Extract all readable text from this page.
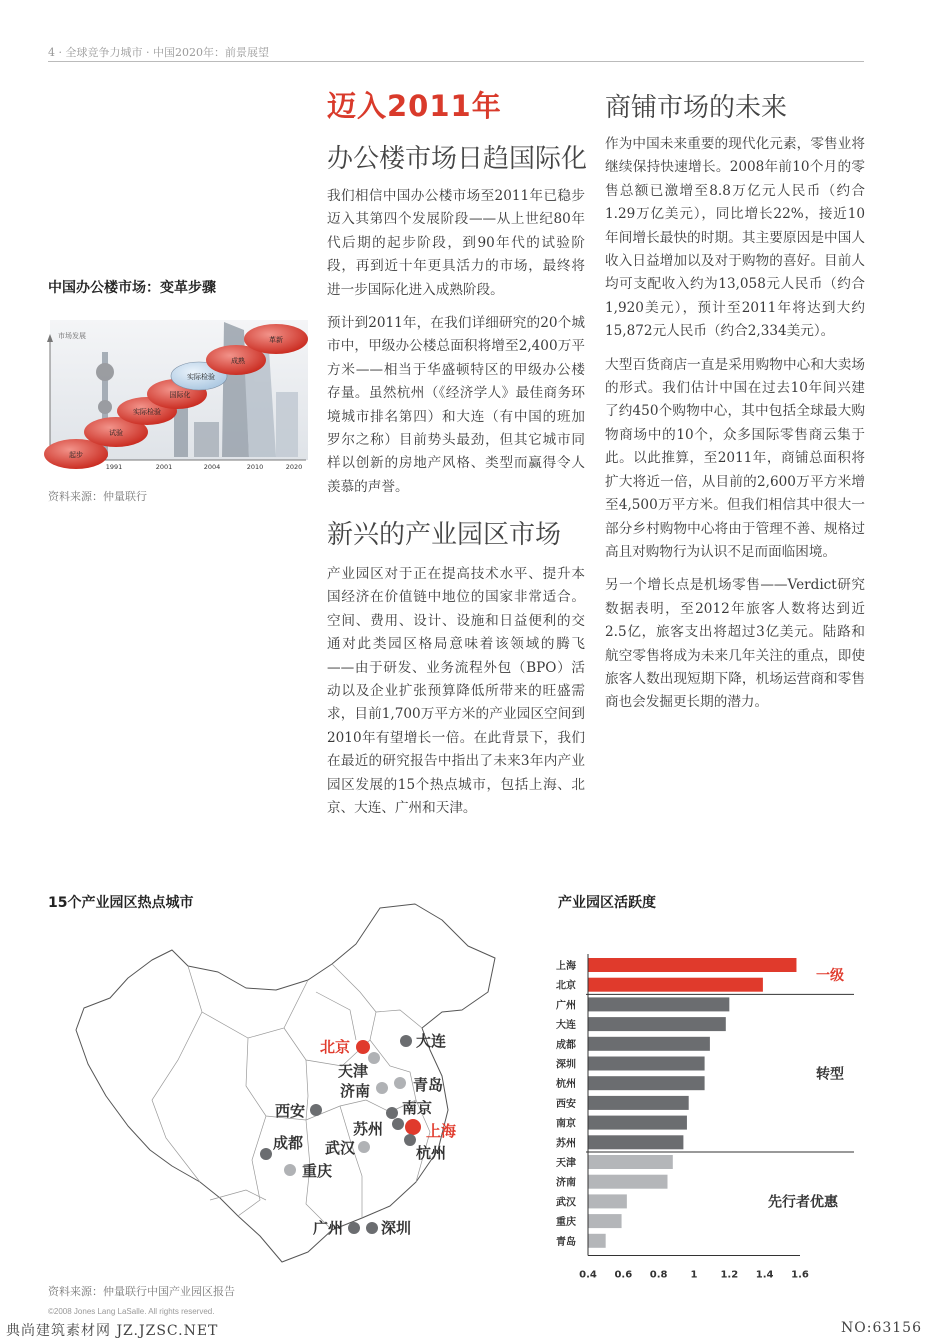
4 · 全球竞争力城市 · 中国2020年：前景展望
迈入2011年
办公楼市场日趋国际化

我们相信中国办公楼市场至2011年已稳步迈入其第四个发展阶段——从上世纪80年代后期的起步阶段，到90年代的试验阶段，再到近十年更具活力的市场，最终将进一步国际化进入成熟阶段。

预计到2011年，在我们详细研究的20个城市中，甲级办公楼总面积将增至2,400万平方米——相当于华盛顿特区的甲级办公楼存量。虽然杭州（《经济学人》最佳商务环境城市排名第四）和大连（有中国的班加罗尔之称）目前势头最劲，但其它城市同样以创新的房地产风格、类型而赢得令人羡慕的声誉。

新兴的产业园区市场

产业园区对于正在提高技术水平、提升本国经济在价值链中地位的国家非常适合。空间、费用、设计、设施和日益便利的交通对此类园区格局意味着该领域的腾飞——由于研发、业务流程外包（BPO）活动以及企业扩张预算降低所带来的旺盛需求，目前1,700万平方米的产业园区空间到2010年有望增长一倍。在此背景下，我们在最近的研究报告中指出了未来3年内产业园区发展的15个热点城市，包括上海、北京、大连、广州和天津。

商铺市场的未来

作为中国未来重要的现代化元素，零售业将继续保持快速增长。2008年前10个月的零售总额已激增至8.8万亿元人民币（约合1.29万亿美元），同比增长22%，接近10年间增长最快的时期。其主要原因是中国人收入日益增加以及对于购物的喜好。目前人均可支配收入约为13,058元人民币（约合1,920美元），预计至2011年将达到大约15,872元人民币（约合2,334美元）。

大型百货商店一直是采用购物中心和大卖场的形式。我们估计中国在过去10年间兴建了约450个购物中心，其中包括全球最大购物商场中的10个，众多国际零售商云集于此。以此推算，至2011年，商铺总面积将扩大将近一倍，从目前的2,600万平方米增至4,500万平方米。但我们相信其中很大一部分乡村购物中心将由于管理不善、规格过高且对购物行为认识不足而面临困境。

另一个增长点是机场零售——Verdict研究数据表明，至2012年旅客人数将达到近2.5亿，旅客支出将超过3亿美元。陆路和航空零售将成为未来几年关注的重点，即使旅客人数出现短期下降，机场运营商和零售商也会发掘更长期的潜力。

中国办公楼市场：变革步骤
市场发展
起步
试验
实际检验
国际化
实际检验
成熟
革新
1991	2001	2004	2010	2020
资料来源：仲量联行
15个产业园区热点城市
北京
天津
大连
济南	青岛
西安	南京
苏州	上海
成都 武汉	杭州
重庆
广州	深圳
资料来源：仲量联行中国产业园区报告
产业园区活跃度
上海
北京
广州
大连
成都
深圳
杭州
西安
南京
苏州
天津
济南
武汉
重庆
青岛
一级
转型
先行者优惠
0.4 0.6 0.8 1 1.2 1.4 1.6
©2008 Jones Lang LaSalle. All rights reserved.
典尚建筑素材网 JZ.JZSC.NET	NO:63156
